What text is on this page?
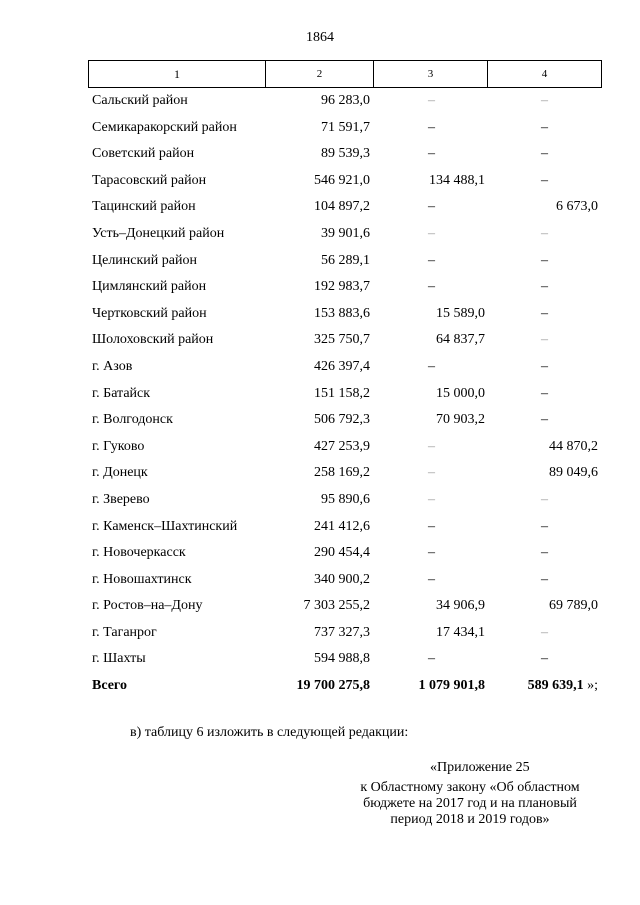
1864
1	2	3	4
Сальский район	96 283,0	–	–
Семикаракорский район	71 591,7	–	–
Советский район	89 539,3	–	–
Тарасовский район	546 921,0	134 488,1	–
Тацинский район	104 897,2	–	6 673,0
Усть–Донецкий район	39 901,6	–	–
Целинский район	56 289,1	–	–
Цимлянский район	192 983,7	–	–
Чертковский район	153 883,6	15 589,0	–
Шолоховский район	325 750,7	64 837,7	–
г. Азов	426 397,4	–	–
г. Батайск	151 158,2	15 000,0	–
г. Волгодонск	506 792,3	70 903,2	–
г. Гуково	427 253,9	–	44 870,2
г. Донецк	258 169,2	–	89 049,6
г. Зверево	95 890,6	–	–
г. Каменск–Шахтинский	241 412,6	–	–
г. Новочеркасск	290 454,4	–	–
г. Новошахтинск	340 900,2	–	–
г. Ростов–на–Дону	7 303 255,2	34 906,9	69 789,0
г. Таганрог	737 327,3	17 434,1	–
г. Шахты	594 988,8	–	–
Всего	19 700 275,8	1 079 901,8	589 639,1 »;
в) таблицу 6 изложить в следующей редакции:
«Приложение 25
к Областному закону «Об областном
бюджете на 2017 год и на плановый
период 2018 и 2019 годов»
